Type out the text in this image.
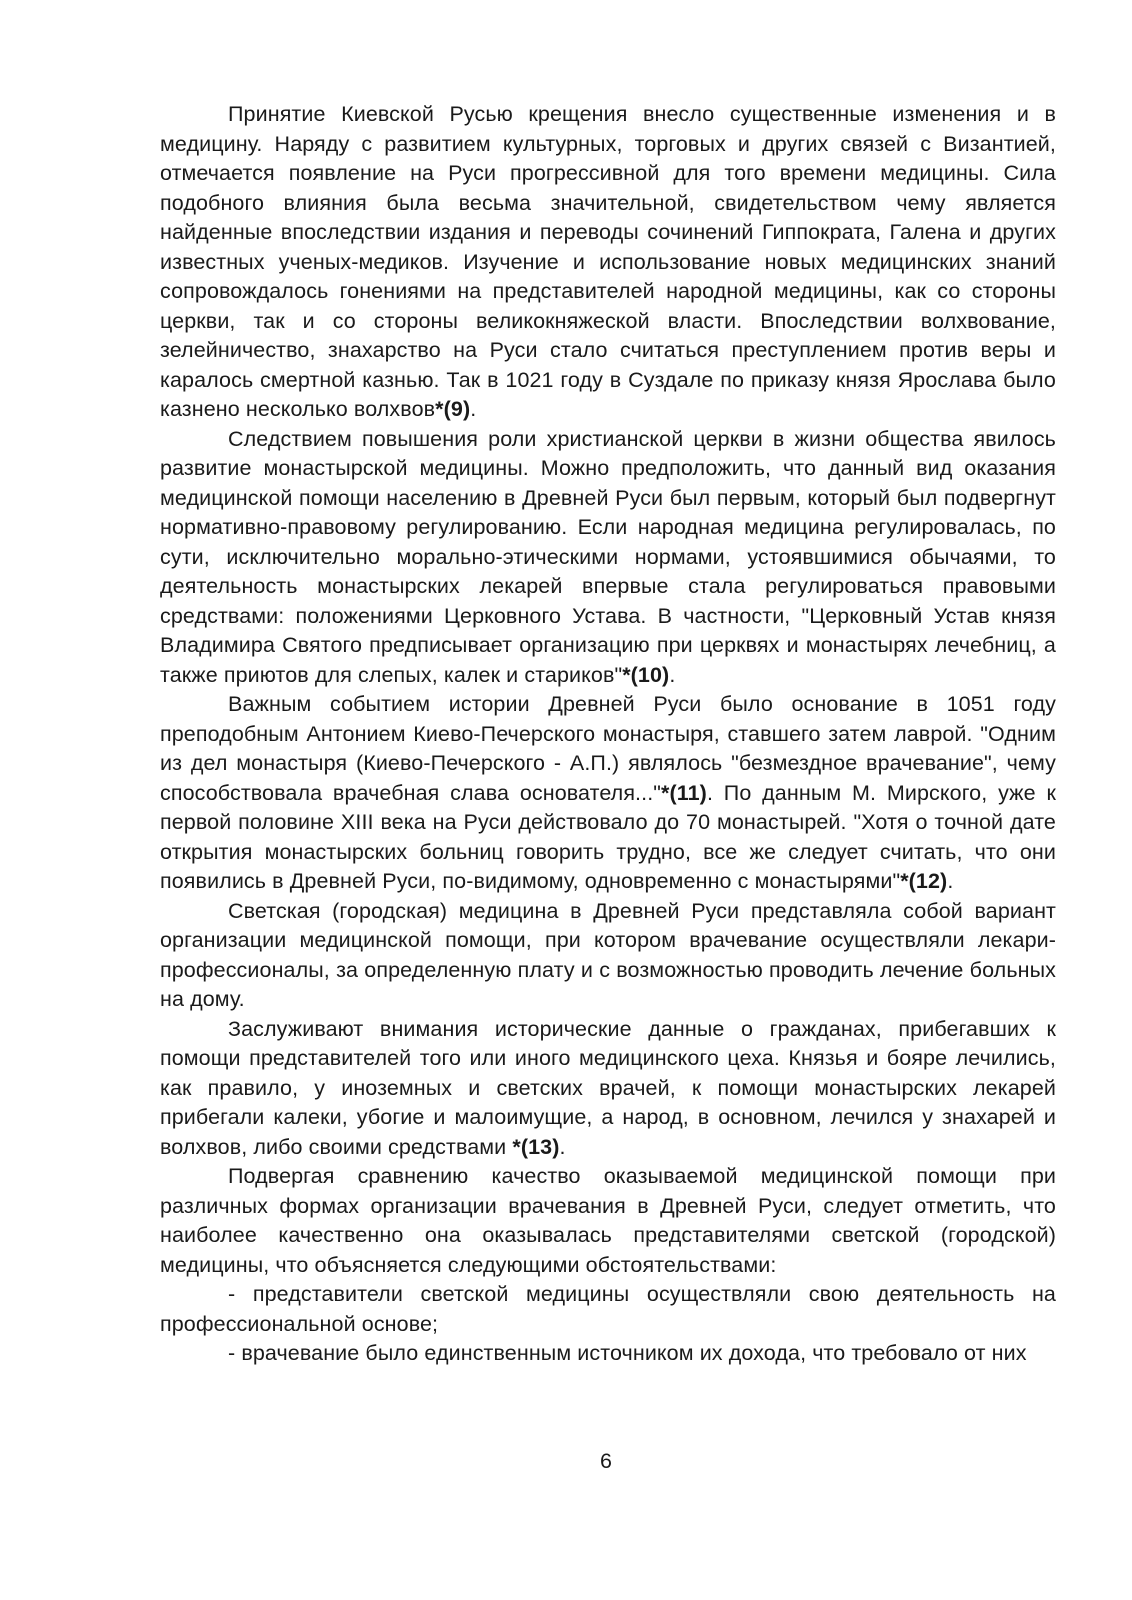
Принятие Киевской Русью крещения внесло существенные изменения и в медицину. Наряду с развитием культурных, торговых и других связей с Византией, отмечается появление на Руси прогрессивной для того времени медицины. Сила подобного влияния была весьма значительной, свидетельством чему является найденные впоследствии издания и переводы сочинений Гиппократа, Галена и других известных ученых-медиков. Изучение и использование новых медицинских знаний сопровождалось гонениями на представителей народной медицины, как со стороны церкви, так и со стороны великокняжеской власти. Впоследствии волхвование, зелейничество, знахарство на Руси стало считаться преступлением против веры и каралось смертной казнью. Так в 1021 году в Суздале по приказу князя Ярослава было казнено несколько волхвов*(9).

Следствием повышения роли христианской церкви в жизни общества явилось развитие монастырской медицины. Можно предположить, что данный вид оказания медицинской помощи населению в Древней Руси был первым, который был подвергнут нормативно-правовому регулированию. Если народная медицина регулировалась, по сути, исключительно морально-этическими нормами, устоявшимися обычаями, то деятельность монастырских лекарей впервые стала регулироваться правовыми средствами: положениями Церковного Устава. В частности, "Церковный Устав князя Владимира Святого предписывает организацию при церквях и монастырях лечебниц, а также приютов для слепых, калек и стариков"*(10).

Важным событием истории Древней Руси было основание в 1051 году преподобным Антонием Киево-Печерского монастыря, ставшего затем лаврой. "Одним из дел монастыря (Киево-Печерского - А.П.) являлось "безмездное врачевание", чему способствовала врачебная слава основателя..."*(11). По данным М. Мирского, уже к первой половине XIII века на Руси действовало до 70 монастырей. "Хотя о точной дате открытия монастырских больниц говорить трудно, все же следует считать, что они появились в Древней Руси, по-видимому, одновременно с монастырями"*(12).

Светская (городская) медицина в Древней Руси представляла собой вариант организации медицинской помощи, при котором врачевание осуществляли лекари-профессионалы, за определенную плату и с возможностью проводить лечение больных на дому.

Заслуживают внимания исторические данные о гражданах, прибегавших к помощи представителей того или иного медицинского цеха. Князья и бояре лечились, как правило, у иноземных и светских врачей, к помощи монастырских лекарей прибегали калеки, убогие и малоимущие, а народ, в основном, лечился у знахарей и волхвов, либо своими средствами *(13).

Подвергая сравнению качество оказываемой медицинской помощи при различных формах организации врачевания в Древней Руси, следует отметить, что наиболее качественно она оказывалась представителями светской (городской) медицины, что объясняется следующими обстоятельствами:

- представители светской медицины осуществляли свою деятельность на профессиональной основе;

- врачевание было единственным источником их дохода, что требовало от них

6
